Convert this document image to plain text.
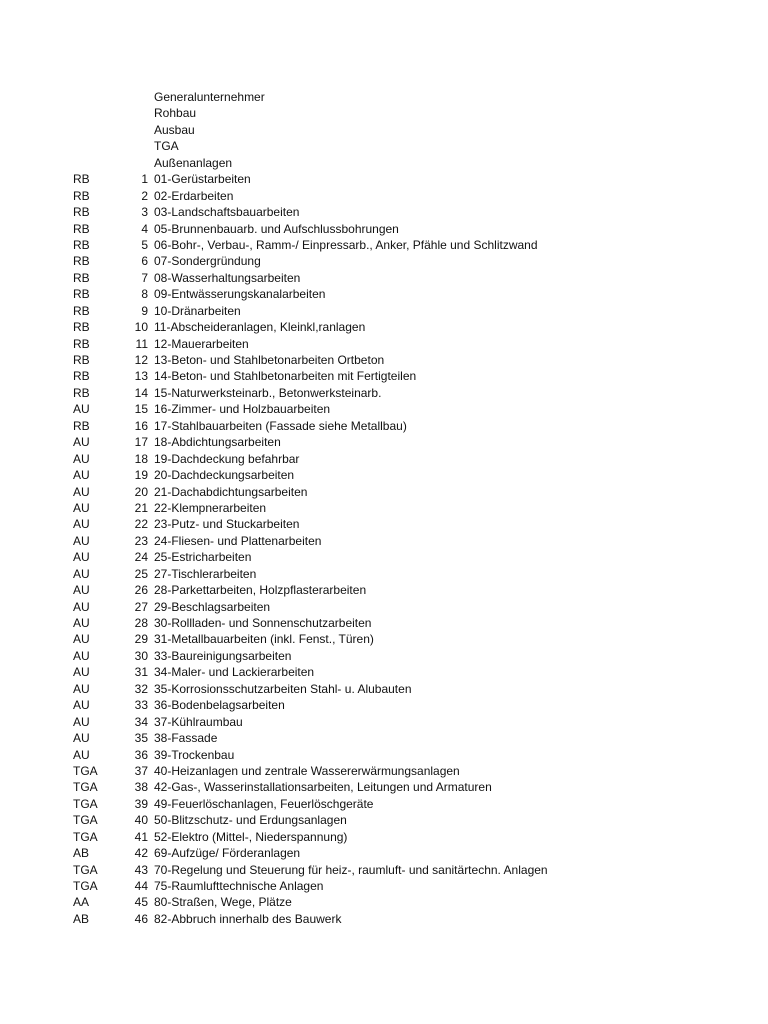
Generalunternehmer
Rohbau
Ausbau
TGA
Außenanlagen
RB	1 01-Gerüstarbeiten
RB	2 02-Erdarbeiten
RB	3 03-Landschaftsbauarbeiten
RB	4 05-Brunnenbauarb. und Aufschlussbohrungen
RB	5 06-Bohr-, Verbau-, Ramm-/ Einpressarb., Anker, Pfähle und Schlitzwand
RB	6 07-Sondergründung
RB	7 08-Wasserhaltungsarbeiten
RB	8 09-Entwässerungskanalarbeiten
RB	9 10-Dränarbeiten
RB	10 11-Abscheideranlagen, Kleinkl,ranlagen
RB	11 12-Mauerarbeiten
RB	12 13-Beton- und Stahlbetonarbeiten Ortbeton
RB	13 14-Beton- und Stahlbetonarbeiten mit Fertigteilen
RB	14 15-Naturwerksteinarb., Betonwerksteinarb.
AU	15 16-Zimmer- und Holzbauarbeiten
RB	16 17-Stahlbauarbeiten (Fassade siehe Metallbau)
AU	17 18-Abdichtungsarbeiten
AU	18 19-Dachdeckung befahrbar
AU	19 20-Dachdeckungsarbeiten
AU	20 21-Dachabdichtungsarbeiten
AU	21 22-Klempnerarbeiten
AU	22 23-Putz- und Stuckarbeiten
AU	23 24-Fliesen- und Plattenarbeiten
AU	24 25-Estricharbeiten
AU	25 27-Tischlerarbeiten
AU	26 28-Parkettarbeiten, Holzpflasterarbeiten
AU	27 29-Beschlagsarbeiten
AU	28 30-Rollladen- und Sonnenschutzarbeiten
AU	29 31-Metallbauarbeiten (inkl. Fenst., Türen)
AU	30 33-Baureinigungsarbeiten
AU	31 34-Maler- und Lackierarbeiten
AU	32 35-Korrosionsschutzarbeiten Stahl- u. Alubauten
AU	33 36-Bodenbelagsarbeiten
AU	34 37-Kühlraumbau
AU	35 38-Fassade
AU	36 39-Trockenbau
TGA	37 40-Heizanlagen und zentrale Wassererwärmungsanlagen
TGA	38 42-Gas-, Wasserinstallationsarbeiten, Leitungen und Armaturen
TGA	39 49-Feuerlöschanlagen, Feuerlöschgeräte
TGA	40 50-Blitzschutz- und Erdungsanlagen
TGA	41 52-Elektro (Mittel-, Niederspannung)
AB	42 69-Aufzüge/ Förderanlagen
TGA	43 70-Regelung und Steuerung für heiz-, raumluft- und sanitärtechn. Anlagen
TGA	44 75-Raumlufttechnische Anlagen
AA	45 80-Straßen, Wege, Plätze
AB	46 82-Abbruch innerhalb des Bauwerk
